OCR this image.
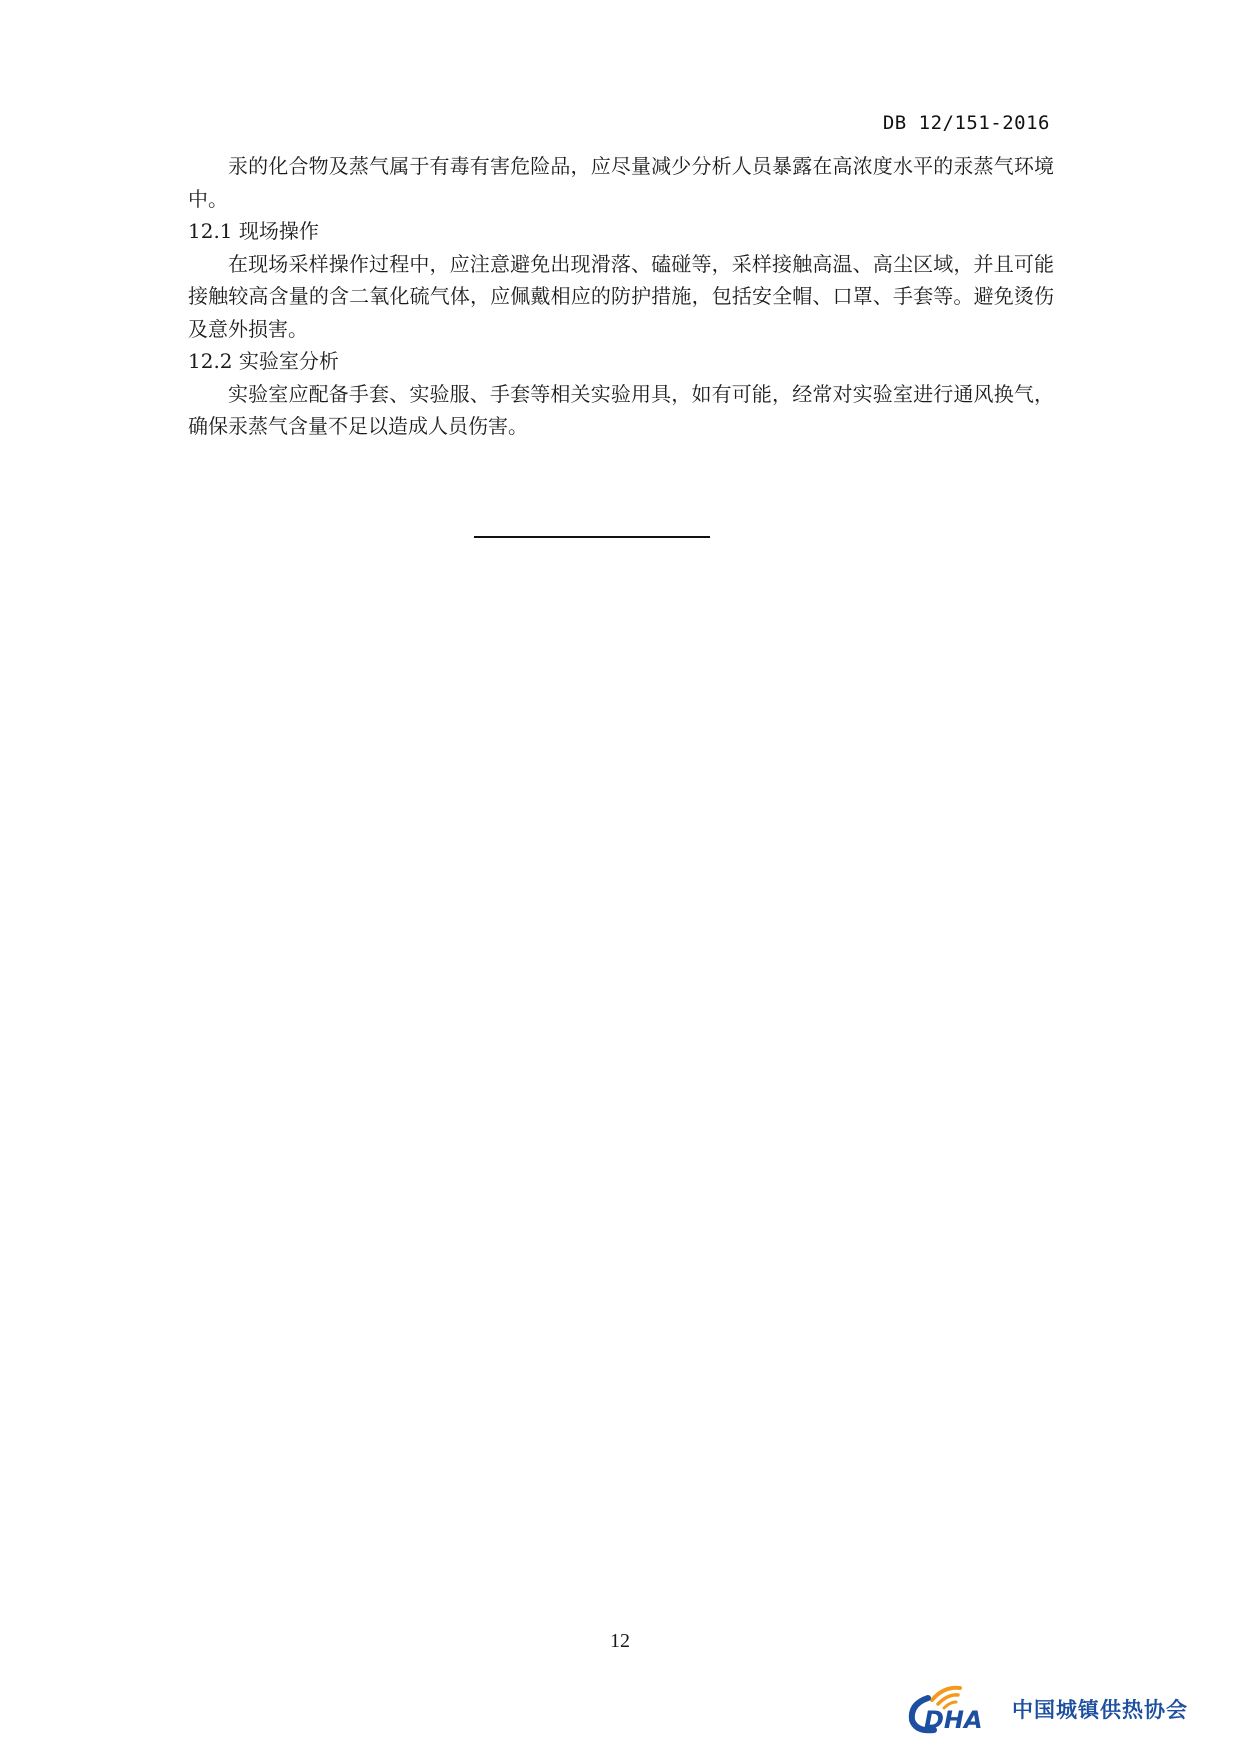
DB 12/151-2016

汞的化合物及蒸气属于有毒有害危险品，应尽量减少分析人员暴露在高浓度水平的汞蒸气环境中。

12.1 现场操作

在现场采样操作过程中，应注意避免出现滑落、磕碰等，采样接触高温、高尘区域，并且可能接触较高含量的含二氧化硫气体，应佩戴相应的防护措施，包括安全帽、口罩、手套等。避免烫伤及意外损害。

12.2 实验室分析

实验室应配备手套、实验服、手套等相关实验用具，如有可能，经常对实验室进行通风换气，确保汞蒸气含量不足以造成人员伤害。

12
DHA 中国城镇供热协会
